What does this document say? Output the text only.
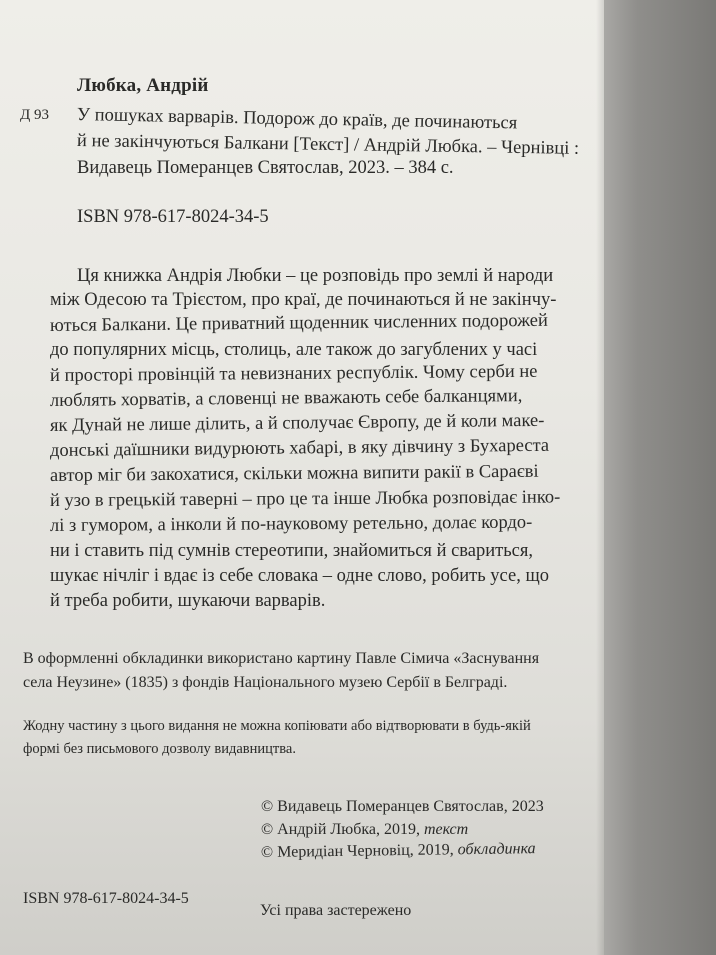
Любка, Андрій
Д 93 У пошуках варварів. Подорож до країв, де починаються
й не закінчуються Балкани [Текст] / Андрій Любка. – Чернівці :
Видавець Померанцев Святослав, 2023. – 384 с.
ISBN 978-617-8024-34-5
Ця книжка Андрія Любки – це розповідь про землі й народи
між Одесою та Трієстом, про краї, де починаються й не закінчу-
ються Балкани. Це приватний щоденник численних подорожей
до популярних місць, столиць, але також до загублених у часі
й просторі провінцій та невизнаних республік. Чому серби не
люблять хорватів, а словенці не вважають себе балканцями,
як Дунай не лише ділить, а й сполучає Європу, де й коли маке-
донські даїшники видурюють хабарі, в яку дівчину з Бухареста
автор міг би закохатися, скільки можна випити ракії в Сараєві
й узо в грецькій таверні – про це та інше Любка розповідає інко-
лі з гумором, а інколи й по-науковому ретельно, долає кордо-
ни і ставить під сумнів стереотипи, знайомиться й свариться,
шукає нічліг і вдає із себе словака – одне слово, робить усе, що
й треба робити, шукаючи варварів.
В оформленні обкладинки використано картину Павле Сімича «Заснування
села Неузине» (1835) з фондів Національного музею Сербії в Белграді.
Жодну частину з цього видання не можна копіювати або відтворювати в будь-якій
формі без письмового дозволу видавництва.
© Видавець Померанцев Святослав, 2023
© Андрій Любка, 2019, текст
© Меридіан Черновіц, 2019, обкладинка
ISBN 978-617-8024-34-5
Усі права застережено
